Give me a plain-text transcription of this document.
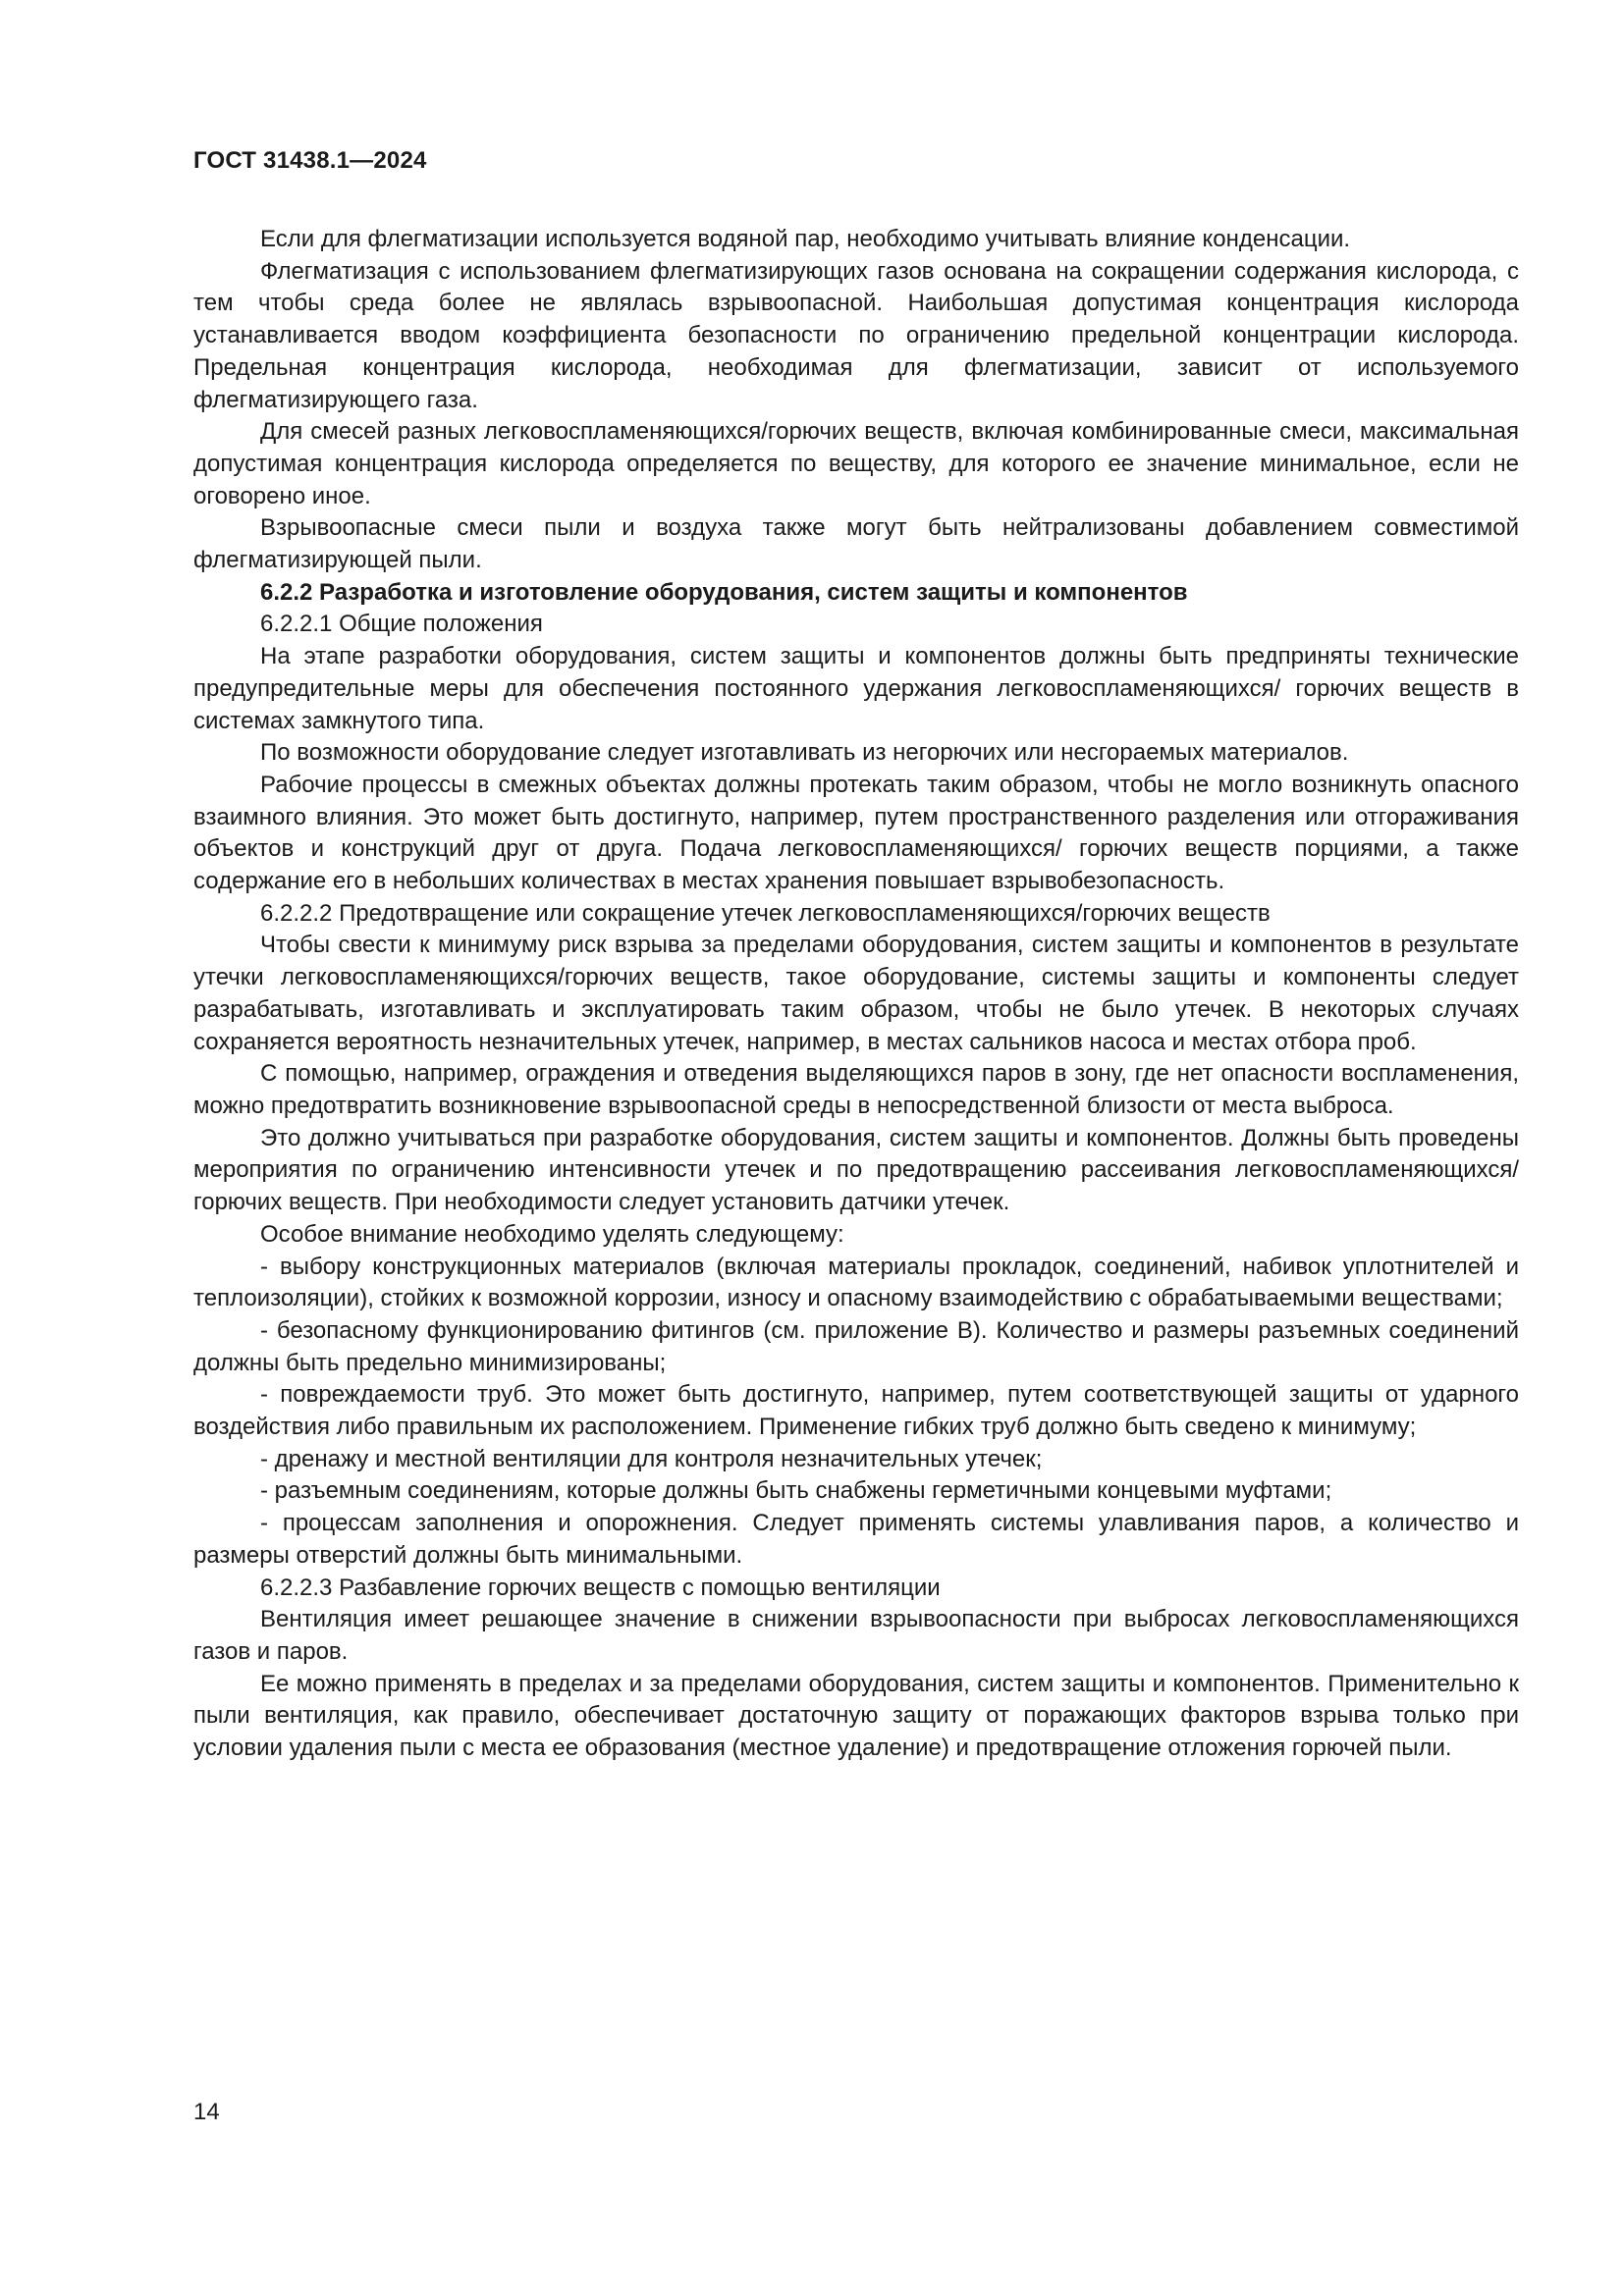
ГОСТ 31438.1—2024

Если для флегматизации используется водяной пар, необходимо учитывать влияние конденсации.

Флегматизация с использованием флегматизирующих газов основана на сокращении содержания кислорода, с тем чтобы среда более не являлась взрывоопасной. Наибольшая допустимая концентрация кислорода устанавливается вводом коэффициента безопасности по ограничению предельной концентрации кислорода. Предельная концентрация кислорода, необходимая для флегматизации, зависит от используемого флегматизирующего газа.

Для смесей разных легковоспламеняющихся/горючих веществ, включая комбинированные смеси, максимальная допустимая концентрация кислорода определяется по веществу, для которого ее значение минимальное, если не оговорено иное.

Взрывоопасные смеси пыли и воздуха также могут быть нейтрализованы добавлением совместимой флегматизирующей пыли.

6.2.2 Разработка и изготовление оборудования, систем защиты и компонентов

6.2.2.1 Общие положения

На этапе разработки оборудования, систем защиты и компонентов должны быть предприняты технические предупредительные меры для обеспечения постоянного удержания легковоспламеняющихся/ горючих веществ в системах замкнутого типа.

По возможности оборудование следует изготавливать из негорючих или несгораемых материалов.

Рабочие процессы в смежных объектах должны протекать таким образом, чтобы не могло возникнуть опасного взаимного влияния. Это может быть достигнуто, например, путем пространственного разделения или отгораживания объектов и конструкций друг от друга. Подача легковоспламеняющихся/ горючих веществ порциями, а также содержание его в небольших количествах в местах хранения повышает взрывобезопасность.

6.2.2.2 Предотвращение или сокращение утечек легковоспламеняющихся/горючих веществ

Чтобы свести к минимуму риск взрыва за пределами оборудования, систем защиты и компонентов в результате утечки легковоспламеняющихся/горючих веществ, такое оборудование, системы защиты и компоненты следует разрабатывать, изготавливать и эксплуатировать таким образом, чтобы не было утечек. В некоторых случаях сохраняется вероятность незначительных утечек, например, в местах сальников насоса и местах отбора проб.

С помощью, например, ограждения и отведения выделяющихся паров в зону, где нет опасности воспламенения, можно предотвратить возникновение взрывоопасной среды в непосредственной близости от места выброса.

Это должно учитываться при разработке оборудования, систем защиты и компонентов. Должны быть проведены мероприятия по ограничению интенсивности утечек и по предотвращению рассеивания легковоспламеняющихся/горючих веществ. При необходимости следует установить датчики утечек.

Особое внимание необходимо уделять следующему:

- выбору конструкционных материалов (включая материалы прокладок, соединений, набивок уплотнителей и теплоизоляции), стойких к возможной коррозии, износу и опасному взаимодействию с обрабатываемыми веществами;

- безопасному функционированию фитингов (см. приложение В). Количество и размеры разъемных соединений должны быть предельно минимизированы;

- повреждаемости труб. Это может быть достигнуто, например, путем соответствующей защиты от ударного воздействия либо правильным их расположением. Применение гибких труб должно быть сведено к минимуму;

- дренажу и местной вентиляции для контроля незначительных утечек;

- разъемным соединениям, которые должны быть снабжены герметичными концевыми муфтами;

- процессам заполнения и опорожнения. Следует применять системы улавливания паров, а количество и размеры отверстий должны быть минимальными.

6.2.2.3 Разбавление горючих веществ с помощью вентиляции

Вентиляция имеет решающее значение в снижении взрывоопасности при выбросах легковоспламеняющихся газов и паров.

Ее можно применять в пределах и за пределами оборудования, систем защиты и компонентов. Применительно к пыли вентиляция, как правило, обеспечивает достаточную защиту от поражающих факторов взрыва только при условии удаления пыли с места ее образования (местное удаление) и предотвращение отложения горючей пыли.

14
